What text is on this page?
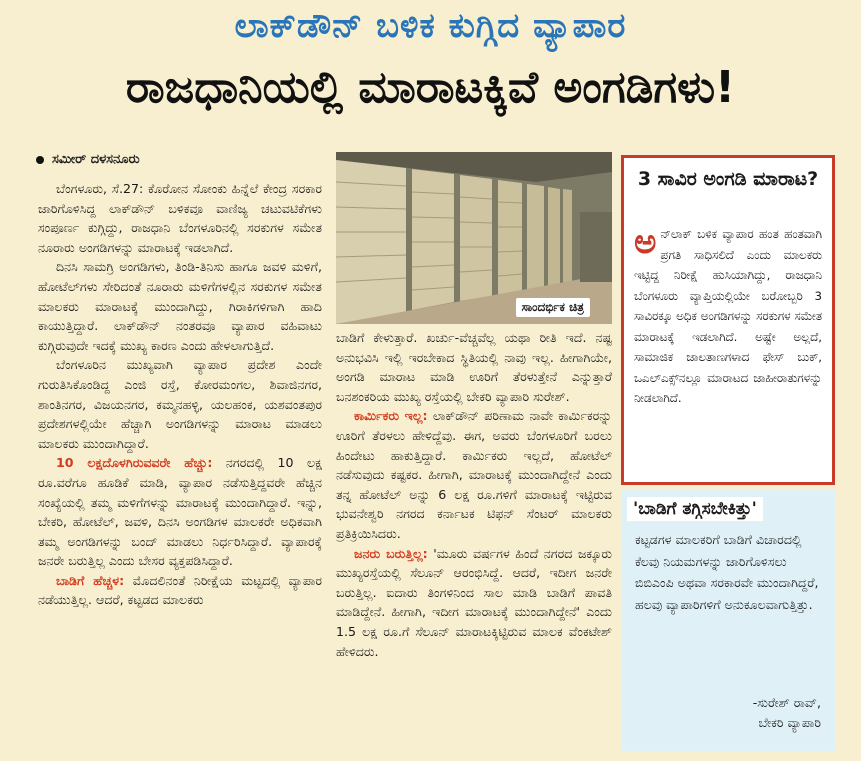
ಲಾಕ್‌ಡೌನ್ ಬಳಿಕ ಕುಗ್ಗಿದ ವ್ಯಾಪಾರ
ರಾಜಧಾನಿಯಲ್ಲಿ ಮಾರಾಟಕ್ಕಿವೆ ಅಂಗಡಿಗಳು!
ಸಮೀರ್ ದಳಸನೂರು

ಬೆಂಗಳೂರು, ಸೆ.27: ಕೊರೋನ ಸೋಂಕು ಹಿನ್ನೆಲೆ ಕೇಂದ್ರ ಸರಕಾರ ಜಾರಿಗೊಳಿಸಿದ್ದ ಲಾಕ್‌ಡೌನ್ ಬಳಿಕವೂ ವಾಣಿಜ್ಯ ಚಟುವಟಿಕೆಗಳು ಸಂಪೂರ್ಣ ಕುಗ್ಗಿದ್ದು, ರಾಜಧಾನಿ ಬೆಂಗಳೂರಿನಲ್ಲಿ ಸರಕುಗಳ ಸಮೇತ ನೂರಾರು ಅಂಗಡಿಗಳನ್ನು ಮಾರಾಟಕ್ಕೆ ಇಡಲಾಗಿದೆ.

ದಿನಸಿ ಸಾಮಗ್ರಿ ಅಂಗಡಿಗಳು, ತಿಂಡಿ-ತಿನಿಸು ಹಾಗೂ ಜವಳಿ ಮಳಿಗೆ, ಹೋಟೆಲ್‌ಗಳು ಸೇರಿದಂತೆ ನೂರಾರು ಮಳಿಗೆಗಳಲ್ಲಿನ ಸರಕುಗಳ ಸಮೇತ ಮಾಲಕರು ಮಾರಾಟಕ್ಕೆ ಮುಂದಾಗಿದ್ದು, ಗಿರಾಕಿಗಳಿಗಾಗಿ ಹಾದಿ ಕಾಯುತ್ತಿದ್ದಾರೆ. ಲಾಕ್‌ಡೌನ್ ನಂತರವೂ ವ್ಯಾಪಾರ ವಹಿವಾಟು ಕುಗ್ಗಿರುವುದೇ ಇದಕ್ಕೆ ಮುಖ್ಯ ಕಾರಣ ಎಂದು ಹೇಳಲಾಗುತ್ತಿದೆ.

ಬೆಂಗಳೂರಿನ ಮುಖ್ಯವಾಗಿ ವ್ಯಾಪಾರ ಪ್ರದೇಶ ಎಂದೇ ಗುರುತಿಸಿಕೊಂಡಿದ್ದ ಎಂಜಿ ರಸ್ತೆ, ಕೋರಮಂಗಲ, ಶಿವಾಜಿನಗರ, ಶಾಂತಿನಗರ, ವಿಜಯನಗರ, ಕಮ್ಮನಹಳ್ಳಿ, ಯಲಹಂಕ, ಯಶವಂತಪುರ ಪ್ರದೇಶಗಳಲ್ಲಿಯೇ ಹೆಚ್ಚಾಗಿ ಅಂಗಡಿಗಳನ್ನು ಮಾರಾಟ ಮಾಡಲು ಮಾಲಕರು ಮುಂದಾಗಿದ್ದಾರೆ.

10 ಲಕ್ಷದೊಳಗಿರುವವರೇ ಹೆಚ್ಚು: ನಗರದಲ್ಲಿ 10 ಲಕ್ಷ ರೂ.ವರೆಗೂ ಹೂಡಿಕೆ ಮಾಡಿ, ವ್ಯಾಪಾರ ನಡೆಸುತ್ತಿದ್ದವರೇ ಹೆಚ್ಚಿನ ಸಂಖ್ಯೆಯಲ್ಲಿ ತಮ್ಮ ಮಳಿಗೆಗಳನ್ನು ಮಾರಾಟಕ್ಕೆ ಮುಂದಾಗಿದ್ದಾರೆ. ಇನ್ನು, ಬೇಕರಿ, ಹೋಟೆಲ್, ಜವಳಿ, ದಿನಸಿ ಅಂಗಡಿಗಳ ಮಾಲಕರೇ ಅಧಿಕವಾಗಿ ತಮ್ಮ ಅಂಗಡಿಗಳನ್ನು ಬಂದ್ ಮಾಡಲು ನಿರ್ಧರಿಸಿದ್ದಾರೆ. ವ್ಯಾಪಾರಕ್ಕೆ ಜನರೇ ಬರುತ್ತಿಲ್ಲ ಎಂದು ಬೇಸರ ವ್ಯಕ್ತಪಡಿಸಿದ್ದಾರೆ.

ಬಾಡಿಗೆ ಹೆಚ್ಚಳ: ಮೊದಲಿನಂತೆ ನಿರೀಕ್ಷೆಯ ಮಟ್ಟದಲ್ಲಿ ವ್ಯಾಪಾರ ನಡೆಯುತ್ತಿಲ್ಲ. ಆದರೆ, ಕಟ್ಟಡದ ಮಾಲಕರು

ಸಾಂದರ್ಭಿಕ ಚಿತ್ರ

ಬಾಡಿಗೆ ಕೇಳುತ್ತಾರೆ. ಖರ್ಚು-ವೆಚ್ಚವೆಲ್ಲ ಯಥಾ ರೀತಿ ಇದೆ. ನಷ್ಟ ಅನುಭವಿಸಿ ಇಲ್ಲಿ ಇರಬೇಕಾದ ಸ್ಥಿತಿಯಲ್ಲಿ ನಾವು ಇಲ್ಲ. ಹೀಗಾಗಿಯೇ, ಅಂಗಡಿ ಮಾರಾಟ ಮಾಡಿ ಊರಿಗೆ ತೆರಳುತ್ತೇನೆ ಎನ್ನುತ್ತಾರೆ ಬನಶಂಕರಿಯ ಮುಖ್ಯ ರಸ್ತೆಯಲ್ಲಿ ಬೇಕರಿ ವ್ಯಾಪಾರಿ ಸುರೇಶ್.

ಕಾರ್ಮಿಕರು ಇಲ್ಲ: ಲಾಕ್‌ಡೌನ್ ಪರಿಣಾಮ ನಾವೇ ಕಾರ್ಮಿಕರನ್ನು ಊರಿಗೆ ತೆರಳಲು ಹೇಳಿದ್ದೆವು. ಈಗ, ಅವರು ಬೆಂಗಳೂರಿಗೆ ಬರಲು ಹಿಂದೇಟು ಹಾಕುತ್ತಿದ್ದಾರೆ. ಕಾರ್ಮಿಕರು ಇಲ್ಲದೆ, ಹೋಟೆಲ್ ನಡೆಸುವುದು ಕಷ್ಟಕರ. ಹೀಗಾಗಿ, ಮಾರಾಟಕ್ಕೆ ಮುಂದಾಗಿದ್ದೇನೆ ಎಂದು ತನ್ನ ಹೋಟೆಲ್ ಅನ್ನು 6 ಲಕ್ಷ ರೂ.ಗಳಿಗೆ ಮಾರಾಟಕ್ಕೆ ಇಟ್ಟಿರುವ ಭುವನೇಶ್ವರಿ ನಗರದ ಕರ್ನಾಟಕ ಟಿಫನ್ ಸೆಂಟರ್ ಮಾಲಕರು ಪ್ರತಿಕ್ರಿಯಿಸಿದರು.

ಜನರು ಬರುತ್ತಿಲ್ಲ: 'ಮೂರು ವರ್ಷಗಳ ಹಿಂದೆ ನಗರದ ಜಕ್ಕೂರು ಮುಖ್ಯರಸ್ತೆಯಲ್ಲಿ ಸೆಲೂನ್ ಆರಂಭಿಸಿದ್ದೆ. ಆದರೆ, ಇದೀಗ ಜನರೇ ಬರುತ್ತಿಲ್ಲ. ಐದಾರು ತಿಂಗಳಿನಿಂದ ಸಾಲ ಮಾಡಿ ಬಾಡಿಗೆ ಪಾವತಿ ಮಾಡಿದ್ದೇನೆ. ಹೀಗಾಗಿ, ಇದೀಗ ಮಾರಾಟಕ್ಕೆ ಮುಂದಾಗಿದ್ದೇನೆ' ಎಂದು 1.5 ಲಕ್ಷ ರೂ.ಗೆ ಸೆಲೂನ್ ಮಾರಾಟಕ್ಕಿಟ್ಟಿರುವ ಮಾಲಕ ವೆಂಕಟೇಶ್ ಹೇಳಿದರು.

3 ಸಾವಿರ ಅಂಗಡಿ ಮಾರಾಟ?
ಅನ್‌ಲಾಕ್ ಬಳಿಕ ವ್ಯಾಪಾರ ಹಂತ ಹಂತವಾಗಿ ಪ್ರಗತಿ ಸಾಧಿಸಲಿದೆ ಎಂದು ಮಾಲಕರು ಇಟ್ಟಿದ್ದ ನಿರೀಕ್ಷೆ ಹುಸಿಯಾಗಿದ್ದು, ರಾಜಧಾನಿ ಬೆಂಗಳೂರು ವ್ಯಾಪ್ತಿಯಲ್ಲಿಯೇ ಬರೋಬ್ಬರಿ 3 ಸಾವಿರಕ್ಕೂ ಅಧಿಕ ಅಂಗಡಿಗಳನ್ನು ಸರಕುಗಳ ಸಮೇತ ಮಾರಾಟಕ್ಕೆ ಇಡಲಾಗಿದೆ. ಅಷ್ಟೇ ಅಲ್ಲದೆ, ಸಾಮಾಜಿಕ ಜಾಲತಾಣಗಳಾದ ಫೇಸ್ ಬುಕ್, ಒಎಲ್‌ಎಕ್ಸ್‌ನಲ್ಲೂ ಮಾರಾಟದ ಜಾಹೀರಾತುಗಳನ್ನು ನೀಡಲಾಗಿದೆ.
'ಬಾಡಿಗೆ ತಗ್ಗಿಸಬೇಕಿತ್ತು'
ಕಟ್ಟಡಗಳ ಮಾಲಕರಿಗೆ ಬಾಡಿಗೆ ವಿಚಾರದಲ್ಲಿ ಕೆಲವು ನಿಯಮಗಳನ್ನು ಜಾರಿಗೊಳಿಸಲು ಬಿಬಿಎಂಪಿ ಅಥವಾ ಸರಕಾರವೇ ಮುಂದಾಗಿದ್ದರೆ, ಹಲವು ವ್ಯಾಪಾರಿಗಳಿಗೆ ಅನುಕೂಲವಾಗುತ್ತಿತ್ತು.
-ಸುರೇಶ್ ರಾವ್,
ಬೇಕರಿ ವ್ಯಾಪಾರಿ
